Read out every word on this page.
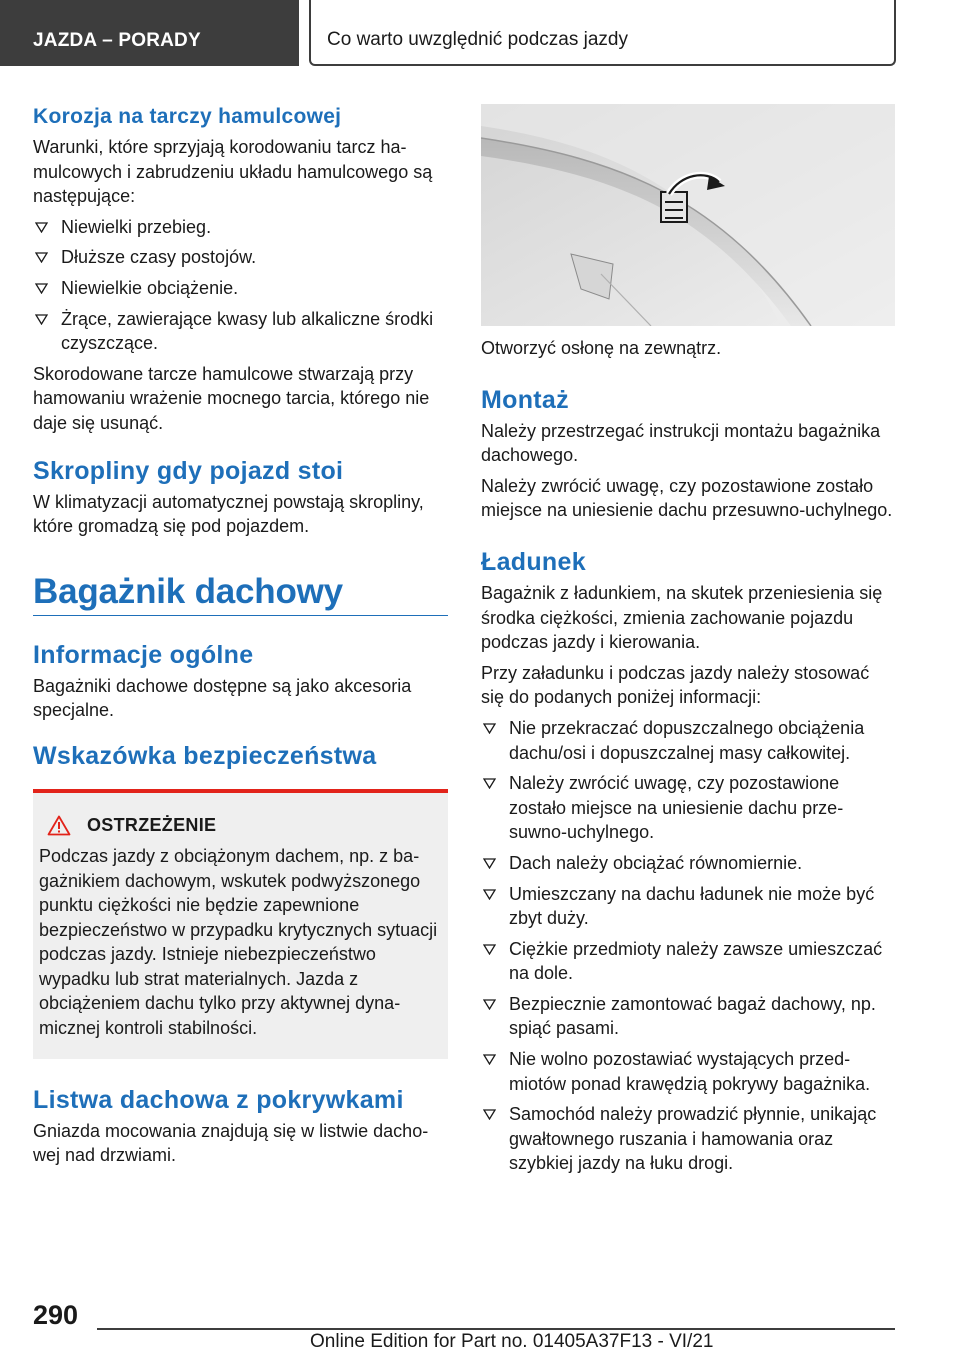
JAZDA – PORADY	Co warto uwzględnić podczas jazdy
Korozja na tarczy hamulcowej
Warunki, które sprzyjają korodowaniu tarcz hamulcowych i zabrudzeniu układu hamulcowego są następujące:
Niewielki przebieg.
Dłuższe czasy postojów.
Niewielkie obciążenie.
Żrące, zawierające kwasy lub alkaliczne środki czyszczące.
Skorodowane tarcze hamulcowe stwarzają przy hamowaniu wrażenie mocnego tarcia, którego nie daje się usunąć.
Skropliny gdy pojazd stoi
W klimatyzacji automatycznej powstają skropliny, które gromadzą się pod pojazdem.
Bagażnik dachowy
Informacje ogólne
Bagażniki dachowe dostępne są jako akcesoria specjalne.
Wskazówka bezpieczeństwa
OSTRZEŻENIE
Podczas jazdy z obciążonym dachem, np. z bagażnikiem dachowym, wskutek podwyższonego punktu ciężkości nie będzie zapewnione bezpieczeństwo w przypadku krytycznych sytuacji podczas jazdy. Istnieje niebezpieczeństwo wypadku lub strat materialnych. Jazda z obciążeniem dachu tylko przy aktywnej dynamicznej kontroli stabilności.
Listwa dachowa z pokrywkami
Gniazda mocowania znajdują się w listwie dachowej nad drzwiami.
Otworzyć osłonę na zewnątrz.
Montaż
Należy przestrzegać instrukcji montażu bagażnika dachowego.
Należy zwrócić uwagę, czy pozostawione zostało miejsce na uniesienie dachu przesuwno-uchylnego.
Ładunek
Bagażnik z ładunkiem, na skutek przeniesienia się środka ciężkości, zmienia zachowanie pojazdu podczas jazdy i kierowania.
Przy załadunku i podczas jazdy należy stosować się do podanych poniżej informacji:
Nie przekraczać dopuszczalnego obciążenia dachu/osi i dopuszczalnej masy całkowitej.
Należy zwrócić uwagę, czy pozostawione zostało miejsce na uniesienie dachu przesuwno-uchylnego.
Dach należy obciążać równomiernie.
Umieszczany na dachu ładunek nie może być zbyt duży.
Ciężkie przedmioty należy zawsze umieszczać na dole.
Bezpiecznie zamontować bagaż dachowy, np. spiąć pasami.
Nie wolno pozostawiać wystających przedmiotów ponad krawędzią pokrywy bagażnika.
Samochód należy prowadzić płynnie, unikając gwałtownego ruszania i hamowania oraz szybkiej jazdy na łuku drogi.
290
Online Edition for Part no. 01405A37F13 - VI/21
